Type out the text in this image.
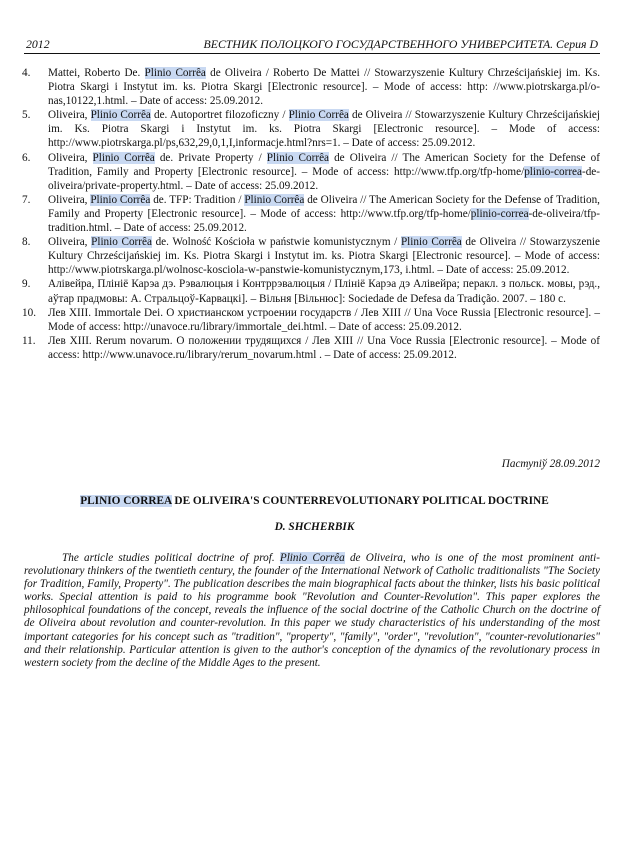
2012	ВЕСТНИК ПОЛОЦКОГО ГОСУДАРСТВЕННОГО УНИВЕРСИТЕТА. Серия D
4.	Mattei, Roberto De. Plinio Corrêa de Oliveira / Roberto De Mattei // Stowarzyszenie Kultury Chrześcijańskiej im. Ks. Piotra Skargi i Instytut im. ks. Piotra Skargi [Electronic resource]. – Mode of access: http: //www.piotrskarga.pl/o-nas,10122,1.html. – Date of access: 25.09.2012.
5.	Oliveira, Plinio Corrêa de. Autoportret filozoficzny / Plinio Corrêa de Oliveira // Stowarzyszenie Kultury Chrześcijańskiej im. Ks. Piotra Skargi i Instytut im. ks. Piotra Skargi [Electronic resource]. – Mode of access: http://www.piotrskarga.pl/ps,632,29,0,1,I,informacje.html?nrs=1. – Date of access: 25.09.2012.
6.	Oliveira, Plinio Corrêa de. Private Property / Plinio Corrêa de Oliveira // The American Society for the Defense of Tradition, Family and Property [Electronic resource]. – Mode of access: http://www.tfp.org/tfp-home/plinio-correa-de-oliveira/private-property.html. – Date of access: 25.09.2012.
7.	Oliveira, Plinio Corrêa de. TFP: Tradition / Plinio Corrêa de Oliveira // The American Society for the Defense of Tradition, Family and Property [Electronic resource]. – Mode of access: http://www.tfp.org/tfp-home/plinio-correa-de-oliveira/tfp-tradition.html. – Date of access: 25.09.2012.
8.	Oliveira, Plinio Corrêa de. Wolność Kościoła w państwie komunistycznym / Plinio Corrêa de Oliveira // Stowarzyszenie Kultury Chrześcijańskiej im. Ks. Piotra Skargi i Instytut im. ks. Piotra Skargi [Electronic resource]. – Mode of access: http://www.piotrskarga.pl/wolnosc-kosciola-w-panstwie-komunistycznym,173, i.html. – Date of access: 25.09.2012.
9.	Алівейра, Плініё Карэа дэ. Рэвалюцыя і Контррэвалюцыя / Плініё Карэа дэ Алівейра; перакл. з польск. мовы, рэд., аўтар прадмовы: А. Стральцоў-Карвацкі]. – Вільня [Вільнюс]: Sociedade de Defesa da Tradição. 2007. – 180 с.
10.	Лев XIII. Immortale Dei. О христианском устроении государств / Лев XIII // Una Voce Russia [Electronic resource]. – Mode of access: http://unavoce.ru/library/immortale_dei.html. – Date of access: 25.09.2012.
11.	Лев XIII. Rerum novarum. О положении трудящихся / Лев XIII // Una Voce Russia [Electronic resource]. – Mode of access: http://www.unavoce.ru/library/rerum_novarum.html . – Date of access: 25.09.2012.
Паступіў 28.09.2012
PLINIO CORREA DE OLIVEIRA'S COUNTERREVOLUTIONARY POLITICAL DOCTRINE
D. SHCHERBIK

The article studies political doctrine of prof. Plinio Corrêa de Oliveira, who is one of the most prominent anti-revolutionary thinkers of the twentieth century, the founder of the International Network of Catholic traditionalists "The Society for Tradition, Family, Property". The publication describes the main biographical facts about the thinker, lists his basic political works. Special attention is paid to his programme book "Revolution and Counter-Revolution". This paper explores the philosophical foundations of the concept, reveals the influence of the social doctrine of the Catholic Church on the doctrine of de Oliveira about revolution and counter-revolution. In this paper we study characteristics of his understanding of the most important categories for his concept such as "tradition", "property", "family", "order", "revolution", "counter-revolutionaries" and their relationship. Particular attention is given to the author's conception of the dynamics of the revolutionary process in western society from the decline of the Middle Ages to the present.
